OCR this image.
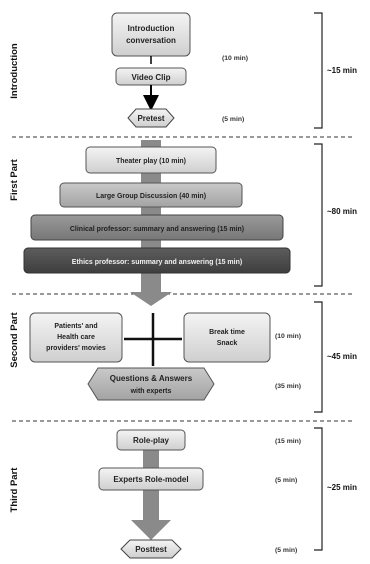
Introduction
First Part
Second Part
Third Part
~15 min
~80 min
~45 min
~25 min
Introduction
conversation
(10 min)
Video Clip
Pretest	(5 min)
Theater play (10 min)
Large Group Discussion (40 min)
Clinical professor: summary and answering (15 min)
Ethics professor: summary and answering (15 min)
Patients' and
Health care
providers' movies
Break time
Snack
(10 min)
Questions & Answers
with experts
(35 min)
Role-play	(15 min)
Experts Role-model	(5 min)
Posttest	(5 min)
